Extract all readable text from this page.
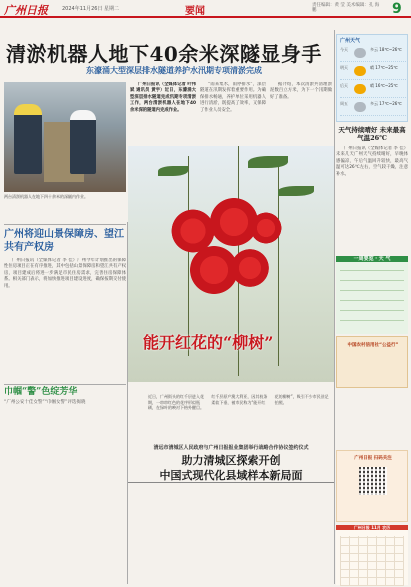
广州日报	2024年11月26日 星期二	要闻
责任编辑：黄 莹 美术编辑：孔 海 鹏	9
清淤机器人地下40余米深隧显身手
东濠涌大型深层排水隧道养护水汛期专项清淤完成
两台清淤机器人在地下四十余米的深隧内作业。

广州日报讯（全媒体记者 叶伟斌 通讯员 黄宇）近日，东濠涌大型深层排水隧道完成汛期专项清淤工作，两台清淤机器人在地下40余米深的隧道内完成作业。

“雨来集水，雨停排水”，深层隧道在汛期发挥着重要作用。为确保排水畅通，养护单位采用机器人进行清淤，既提高了效率，又保障了作业人员安全。

据介绍，本次清淤共清理淤泥数百立方米，为下一个汛期做好了准备。

广州天气
今天	多云 18℃~26℃
明天	晴 17℃~25℃
后天	晴 16℃~25℃
周五	多云 17℃~26℃
天气持续晴好 未来最高气温26℃

广州日报讯（全媒体记者 李 佳）未来几天广州天气持续晴好，早晚体感偏凉，午后气温回升较快，最高气温可达26℃左右，空气较干燥，注意补水。

一周要览・天 气
中国农村信用社“公益行”
广州日报 扫码关注
广州日报 11月 农历
广州将迎山景保障房、望江共有产权房

广州日报讯（全媒体记者 李 佳）广州今年计划推出的保障性住房项目正在有序推进，其中包括山景保障房和望江共有产权房，项目建成后将进一步满足市民住房需求，完善住房保障体系。相关部门表示，将加快推进项目建设进度，确保按期交付使用。

巾帼“警”色绽芳华
“广州公安十佳女警”“巾帼女警”评选揭晓
能开红花的“柳树”
近日，广州街头的红千层进入花期，一串串红色的花序形似瓶刷，在绿叶的映衬下格外醒目。红千层原产澳大利亚，因其枝条柔软下垂，被市民称为“能开红花的柳树”，吸引不少市民驻足拍照。
清远市清城区人民政府与广州日报报业集团举行战略合作协议签约仪式
助力清城区探索开创
中国式现代化县域样本新局面
